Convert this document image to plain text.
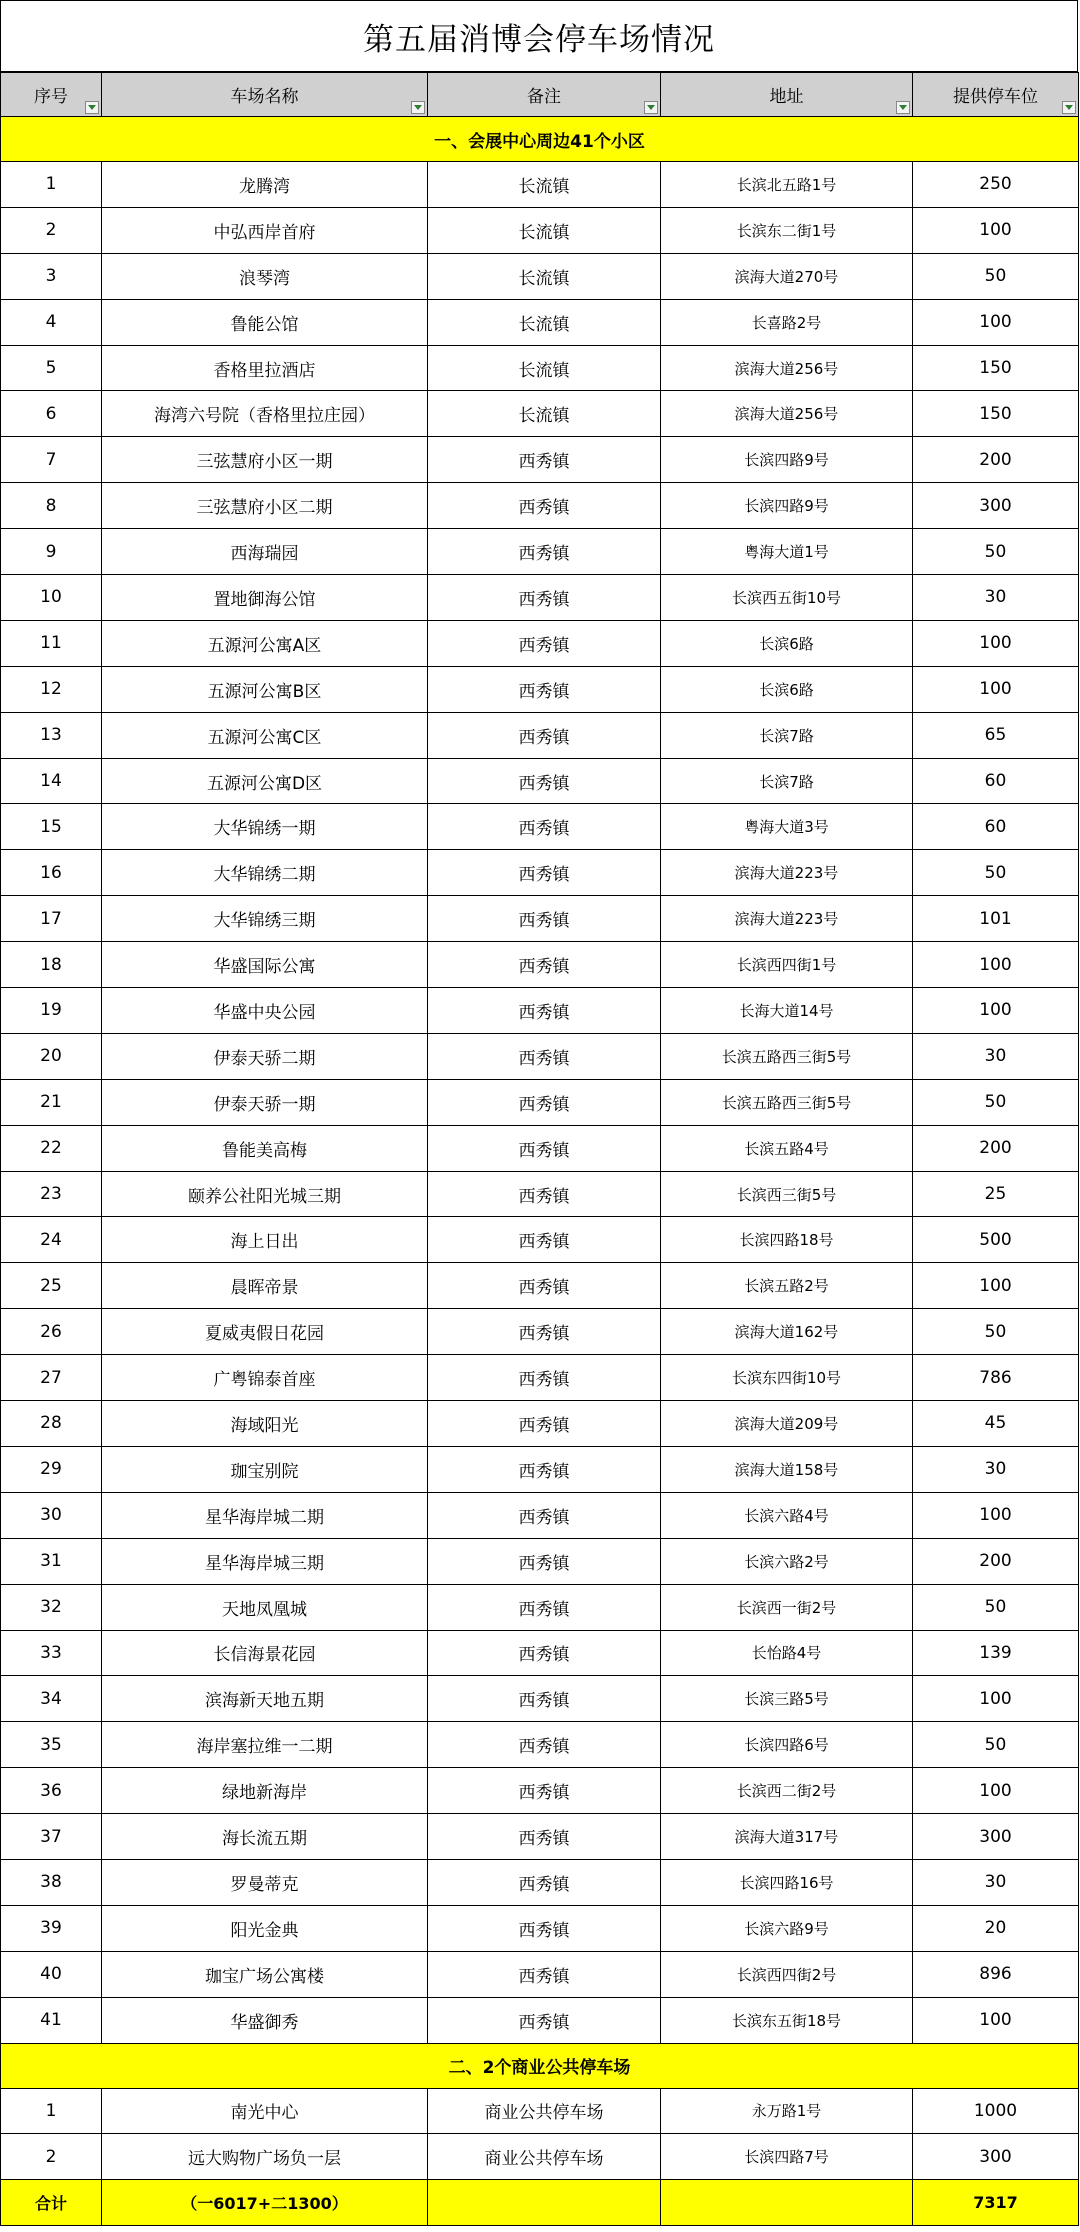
第五届消博会停车场情况
序号	车场名称	备注	地址	提供停车位

一、会展中心周边41个小区				
1	龙腾湾	长流镇	长滨北五路1号	250
2	中弘西岸首府	长流镇	长滨东二街1号	100
3	浪琴湾	长流镇	滨海大道270号	50
4	鲁能公馆	长流镇	长喜路2号	100
5	香格里拉酒店	长流镇	滨海大道256号	150
6	海湾六号院（香格里拉庄园）	长流镇	滨海大道256号	150
7	三弦慧府小区一期	西秀镇	长滨四路9号	200
8	三弦慧府小区二期	西秀镇	长滨四路9号	300
9	西海瑞园	西秀镇	粤海大道1号	50
10	置地御海公馆	西秀镇	长滨西五街10号	30
11	五源河公寓A区	西秀镇	长滨6路	100
12	五源河公寓B区	西秀镇	长滨6路	100
13	五源河公寓C区	西秀镇	长滨7路	65
14	五源河公寓D区	西秀镇	长滨7路	60
15	大华锦绣一期	西秀镇	粤海大道3号	60
16	大华锦绣二期	西秀镇	滨海大道223号	50
17	大华锦绣三期	西秀镇	滨海大道223号	101
18	华盛国际公寓	西秀镇	长滨西四街1号	100
19	华盛中央公园	西秀镇	长海大道14号	100
20	伊泰天骄二期	西秀镇	长滨五路西三街5号	30
21	伊泰天骄一期	西秀镇	长滨五路西三街5号	50
22	鲁能美高梅	西秀镇	长滨五路4号	200
23	颐养公社阳光城三期	西秀镇	长滨西三街5号	25
24	海上日出	西秀镇	长滨四路18号	500
25	晨晖帝景	西秀镇	长滨五路2号	100
26	夏威夷假日花园	西秀镇	滨海大道162号	50
27	广粤锦泰首座	西秀镇	长滨东四街10号	786
28	海域阳光	西秀镇	滨海大道209号	45
29	珈宝别院	西秀镇	滨海大道158号	30
30	星华海岸城二期	西秀镇	长滨六路4号	100
31	星华海岸城三期	西秀镇	长滨六路2号	200
32	天地凤凰城	西秀镇	长滨西一街2号	50
33	长信海景花园	西秀镇	长怡路4号	139
34	滨海新天地五期	西秀镇	长滨三路5号	100
35	海岸塞拉维一二期	西秀镇	长滨四路6号	50
36	绿地新海岸	西秀镇	长滨西二街2号	100
37	海长流五期	西秀镇	滨海大道317号	300
38	罗曼蒂克	西秀镇	长滨四路16号	30
39	阳光金典	西秀镇	长滨六路9号	20
40	珈宝广场公寓楼	西秀镇	长滨西四街2号	896
41	华盛御秀	西秀镇	长滨东五街18号	100
二、2个商业公共停车场				
1	南光中心	商业公共停车场	永万路1号	1000
2	远大购物广场负一层	商业公共停车场	长滨四路7号	300
合计	（一6017+二1300）			7317
